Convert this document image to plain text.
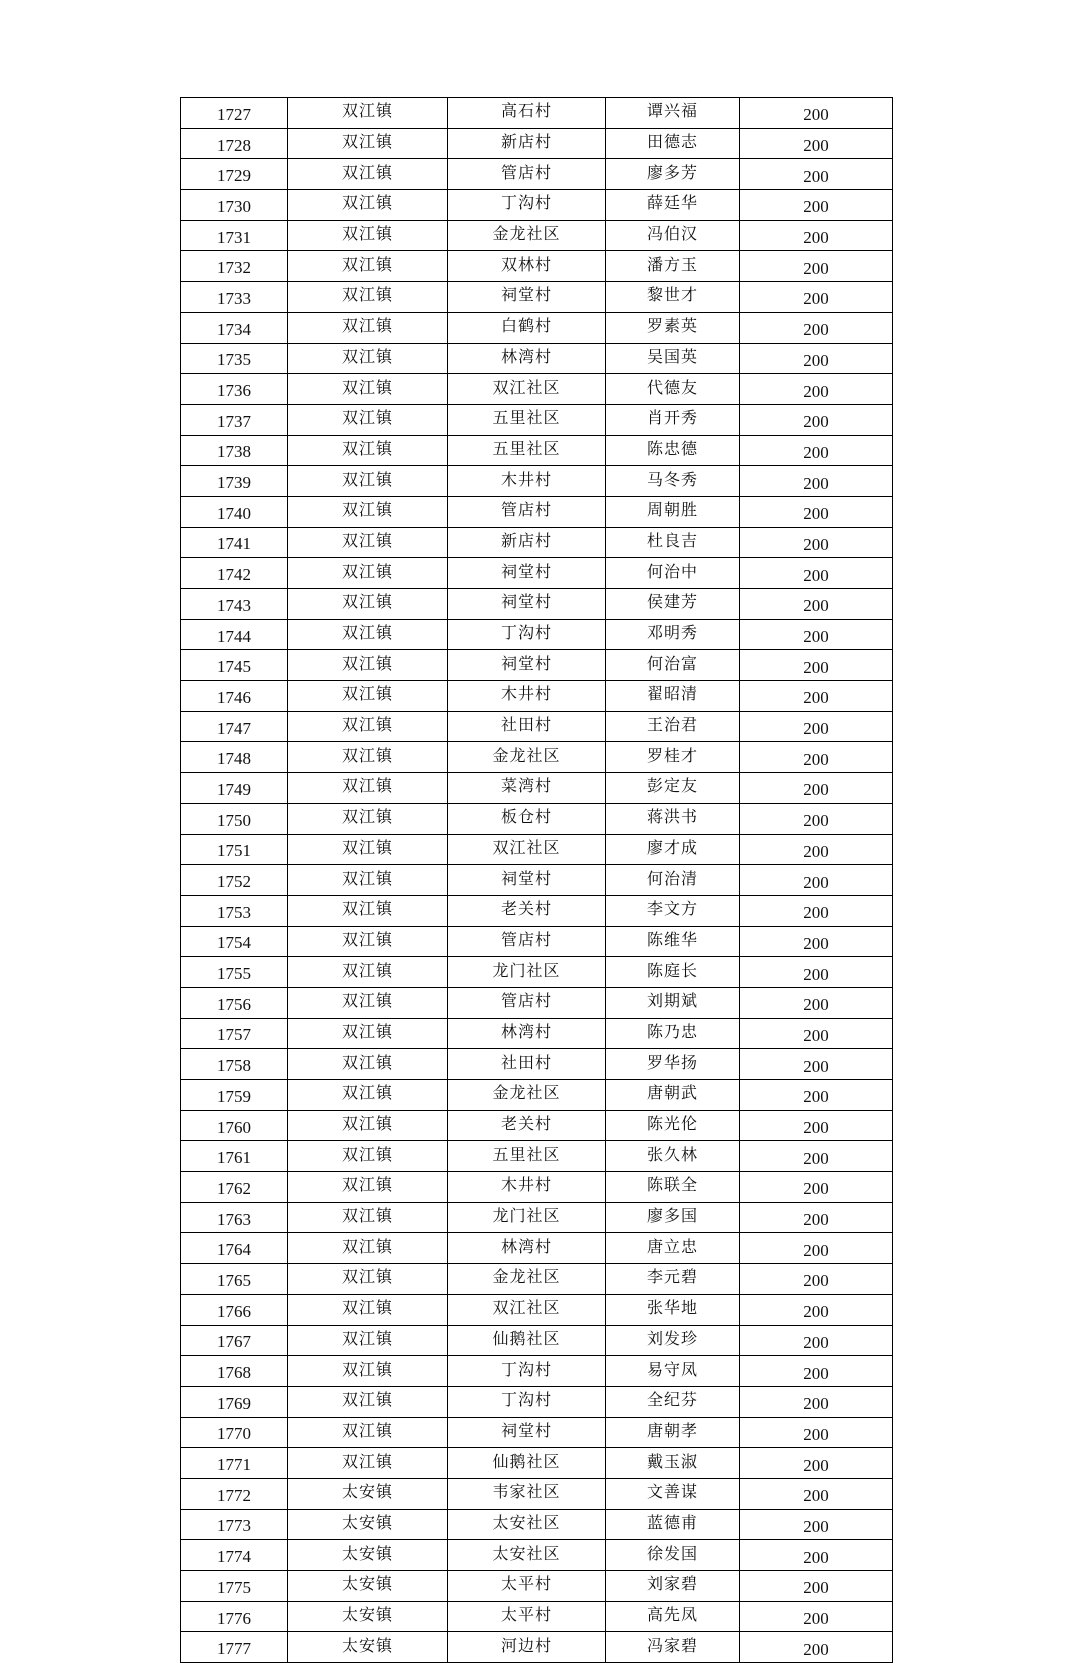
1727	双江镇	高石村	谭兴福	200
1728	双江镇	新店村	田德志	200
1729	双江镇	管店村	廖多芳	200
1730	双江镇	丁沟村	薛廷华	200
1731	双江镇	金龙社区	冯伯汉	200
1732	双江镇	双林村	潘方玉	200
1733	双江镇	祠堂村	黎世才	200
1734	双江镇	白鹤村	罗素英	200
1735	双江镇	林湾村	吴国英	200
1736	双江镇	双江社区	代德友	200
1737	双江镇	五里社区	肖开秀	200
1738	双江镇	五里社区	陈忠德	200
1739	双江镇	木井村	马冬秀	200
1740	双江镇	管店村	周朝胜	200
1741	双江镇	新店村	杜良吉	200
1742	双江镇	祠堂村	何治中	200
1743	双江镇	祠堂村	侯建芳	200
1744	双江镇	丁沟村	邓明秀	200
1745	双江镇	祠堂村	何治富	200
1746	双江镇	木井村	翟昭清	200
1747	双江镇	社田村	王治君	200
1748	双江镇	金龙社区	罗桂才	200
1749	双江镇	菜湾村	彭定友	200
1750	双江镇	板仓村	蒋洪书	200
1751	双江镇	双江社区	廖才成	200
1752	双江镇	祠堂村	何治清	200
1753	双江镇	老关村	李文方	200
1754	双江镇	管店村	陈维华	200
1755	双江镇	龙门社区	陈庭长	200
1756	双江镇	管店村	刘期斌	200
1757	双江镇	林湾村	陈乃忠	200
1758	双江镇	社田村	罗华扬	200
1759	双江镇	金龙社区	唐朝武	200
1760	双江镇	老关村	陈光伦	200
1761	双江镇	五里社区	张久林	200
1762	双江镇	木井村	陈联全	200
1763	双江镇	龙门社区	廖多国	200
1764	双江镇	林湾村	唐立忠	200
1765	双江镇	金龙社区	李元碧	200
1766	双江镇	双江社区	张华地	200
1767	双江镇	仙鹅社区	刘发珍	200
1768	双江镇	丁沟村	易守凤	200
1769	双江镇	丁沟村	全纪芬	200
1770	双江镇	祠堂村	唐朝孝	200
1771	双江镇	仙鹅社区	戴玉淑	200
1772	太安镇	韦家社区	文善谋	200
1773	太安镇	太安社区	蓝德甫	200
1774	太安镇	太安社区	徐发国	200
1775	太安镇	太平村	刘家碧	200
1776	太安镇	太平村	高先凤	200
1777	太安镇	河边村	冯家碧	200
